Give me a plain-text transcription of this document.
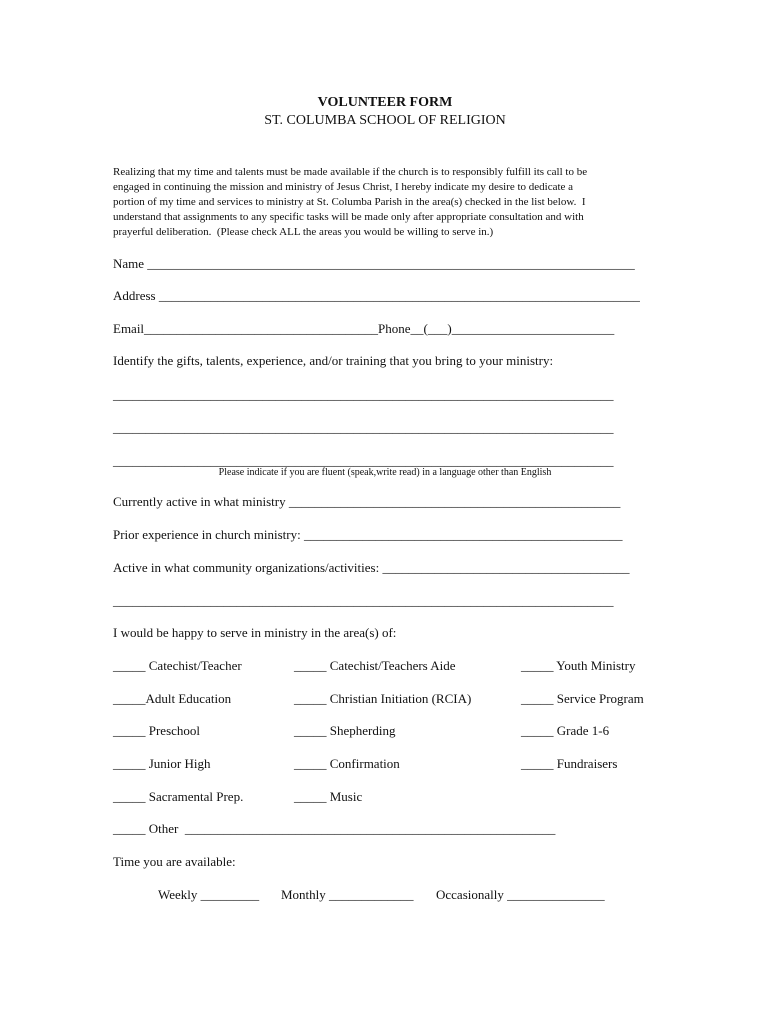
VOLUNTEER FORM
ST. COLUMBA SCHOOL OF RELIGION
Realizing that my time and talents must be made available if the church is to responsibly fulfill its call to be
engaged in continuing the mission and ministry of Jesus Christ, I hereby indicate my desire to dedicate a
portion of my time and services to ministry at St. Columba Parish in the area(s) checked in the list below.  I
understand that assignments to any specific tasks will be made only after appropriate consultation and with
prayerful deliberation.  (Please check ALL the areas you would be willing to serve in.)
Name ___________________________________________________________________________
Address __________________________________________________________________________
Email____________________________________Phone__(___)_________________________
Identify the gifts, talents, experience, and/or training that you bring to your ministry:
_____________________________________________________________________________
_____________________________________________________________________________
_____________________________________________________________________________
Please indicate if you are fluent (speak,write read) in a language other than English
Currently active in what ministry ___________________________________________________
Prior experience in church ministry: _________________________________________________
Active in what community organizations/activities: ______________________________________
_____________________________________________________________________________
I would be happy to serve in ministry in the area(s) of:
_____ Catechist/Teacher
_____Adult Education
_____ Preschool
_____ Junior High
_____ Sacramental Prep.
_____ Catechist/Teachers Aide
_____ Christian Initiation (RCIA)
_____ Shepherding
_____ Confirmation
_____ Music
_____ Youth Ministry
_____ Service Program
_____ Grade 1-6
_____ Fundraisers
_____ Other  _________________________________________________________
Time you are available:
Weekly _________ Monthly _____________ Occasionally _______________
